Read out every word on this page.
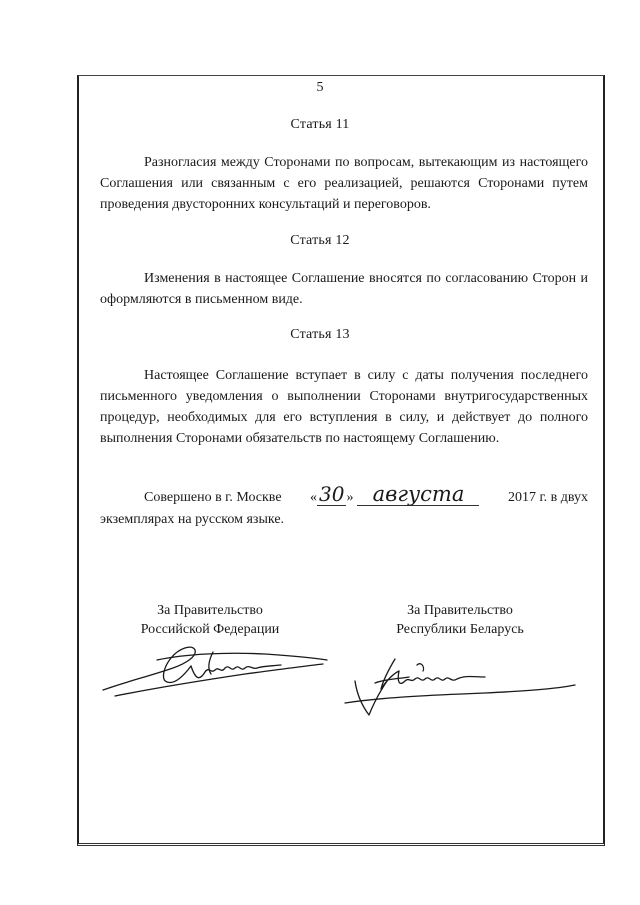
5
Статья 11

Разногласия между Сторонами по вопросам, вытекающим из настоящего Соглашения или связанным с его реализацией, решаются Сторонами путем проведения двусторонних консультаций и переговоров.

Статья 12

Изменения в настоящее Соглашение вносятся по согласованию Сторон и оформляются в письменном виде.

Статья 13

Настоящее Соглашение вступает в силу с даты получения последнего письменного уведомления о выполнении Сторонами внутригосударственных процедур, необходимых для его вступления в силу, и действует до полного выполнения Сторонами обязательств по настоящему Соглашению.

Совершено в г. Москве « 30 » августа	2017 г. в двух
экземплярах на русском языке.
За Правительство
Российской Федерации
За Правительство
Республики Беларусь
